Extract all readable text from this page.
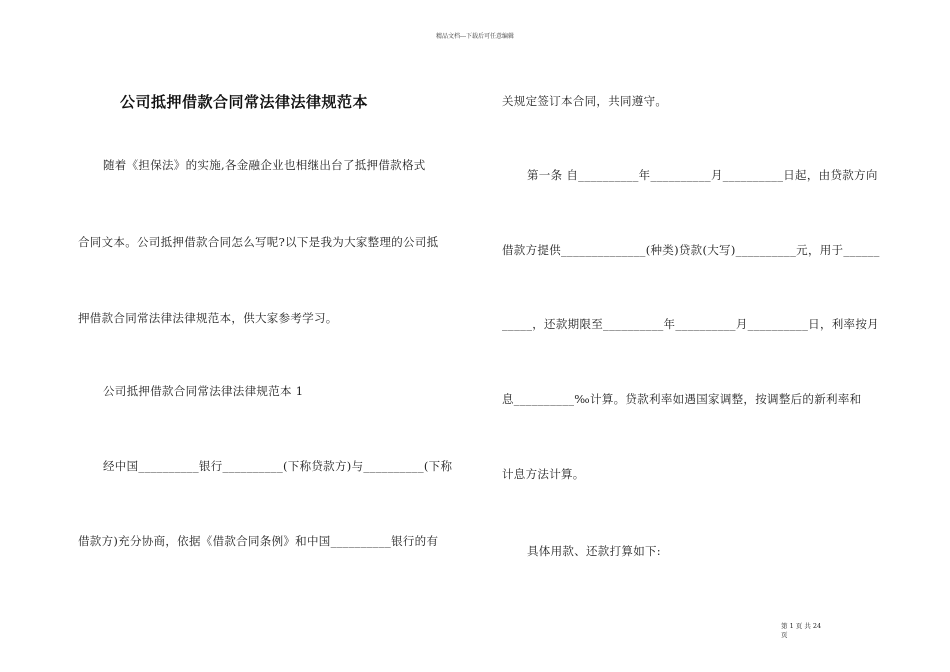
精品文档---下载后可任意编辑
公司抵押借款合同常法律法律规范本
随着《担保法》的实施,各金融企业也相继出台了抵押借款格式
合同文本。公司抵押借款合同怎么写呢?以下是我为大家整理的公司抵
押借款合同常法律法律规范本，供大家参考学习。
公司抵押借款合同常法律法律规范本 1
经中国__________银行__________(下称贷款方)与__________(下称
借款方)充分协商，依据《借款合同条例》和中国__________银行的有
关规定签订本合同，共同遵守。
第一条 自__________年__________月__________日起，由贷款方向
借款方提供______________(种类)贷款(大写)__________元，用于______
_____，还款期限至__________年__________月__________日，利率按月
息__________‰计算。贷款利率如遇国家调整，按调整后的新利率和
计息方法计算。
具体用款、还款打算如下:
第 1 页 共 24
页
